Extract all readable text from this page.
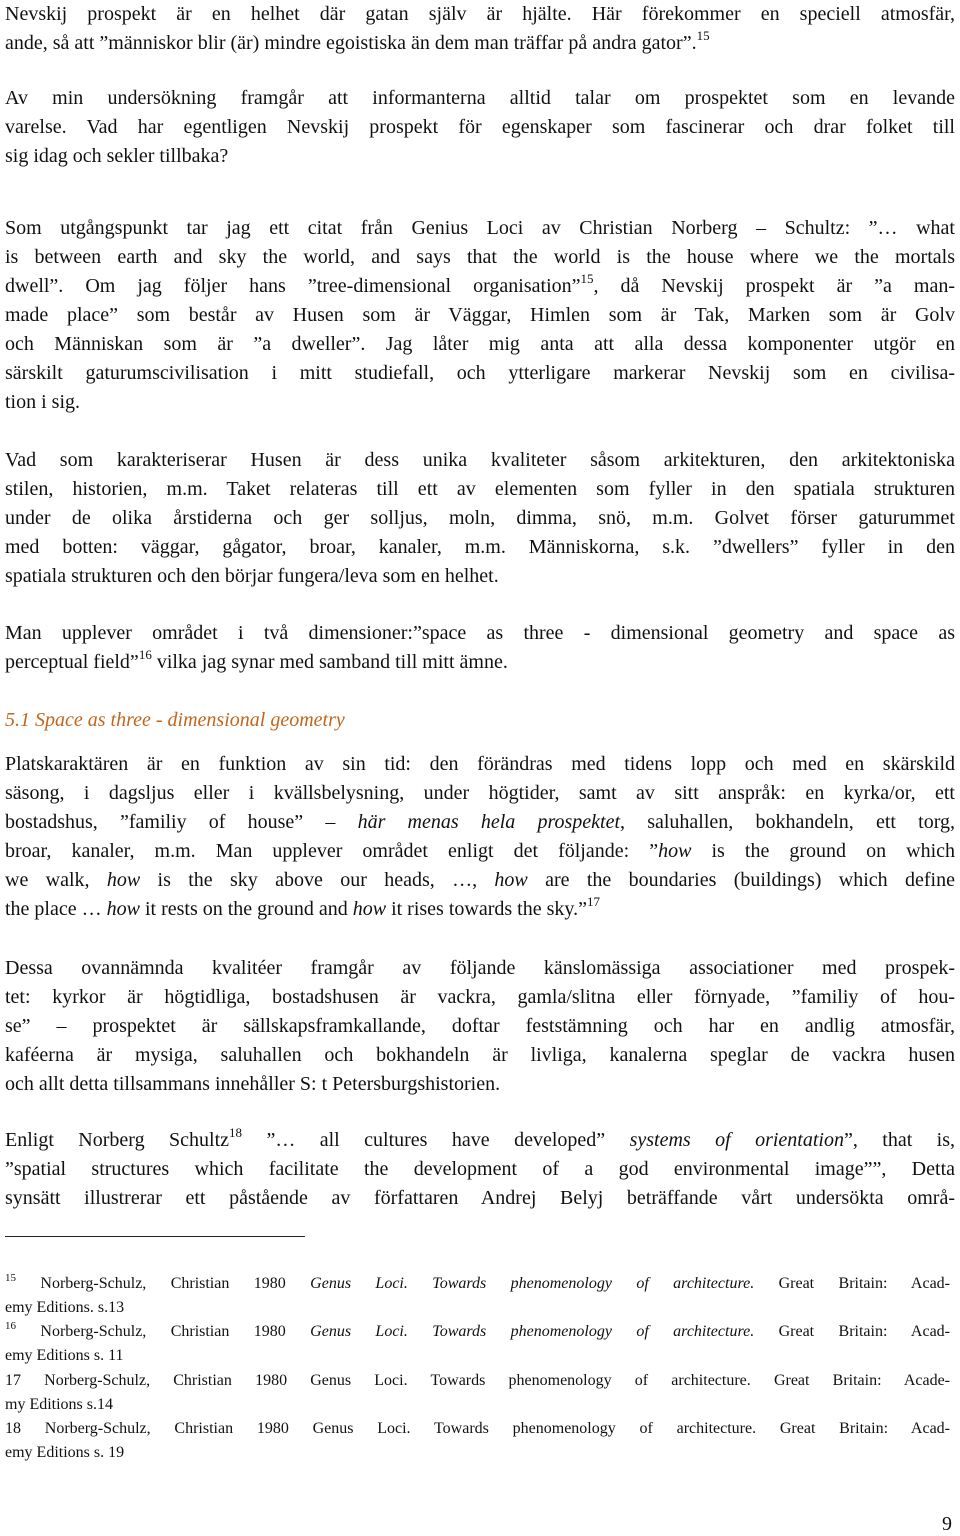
Nevskij prospekt är en helhet där gatan själv är hjälte. Här förekommer en speciell atmosfär,
ande, så att ”människor blir (är) mindre egoistiska än dem man träffar på andra gator”.$^{15}$
Av min undersökning framgår att informanterna alltid talar om prospektet som en levande
varelse. Vad har egentligen Nevskij prospekt för egenskaper som fascinerar och drar folket till
sig idag och sekler tillbaka?
Som utgångspunkt tar jag ett citat från Genius Loci av Christian Norberg – Schultz: ”… what
is between earth and sky the world, and says that the world is the house where we the mortals
dwell”. Om jag följer hans ”tree-dimensional organisation”$^{15}$, då Nevskij prospekt är ”a man-
made place” som består av Husen som är Väggar, Himlen som är Tak, Marken som är Golv
och Människan som är ”a dweller”. Jag låter mig anta att alla dessa komponenter utgör en
särskilt gaturumscivilisation i mitt studiefall, och ytterligare markerar Nevskij som en civilisa-
tion i sig.
Vad som karakteriserar Husen är dess unika kvaliteter såsom arkitekturen, den arkitektoniska
stilen, historien, m.m. Taket relateras till ett av elementen som fyller in den spatiala strukturen
under de olika årstiderna och ger solljus, moln, dimma, snö, m.m. Golvet förser gaturummet
med botten: väggar, gågator, broar, kanaler, m.m. Människorna, s.k. ”dwellers” fyller in den
spatiala strukturen och den börjar fungera/leva som en helhet.
Man upplever området i två dimensioner:”space as three - dimensional geometry and space as
perceptual field”$^{16}$ vilka jag synar med samband till mitt ämne.
5.1 Space as three - dimensional geometry
Platskaraktären är en funktion av sin tid: den förändras med tidens lopp och med en skärskild
säsong, i dagsljus eller i kvällsbelysning, under högtider, samt av sitt anspråk: en kyrka/or, ett
bostadshus, ”familiy of house” – här menas hela prospektet, saluhallen, bokhandeln, ett torg,
broar, kanaler, m.m. Man upplever området enligt det följande: ”how is the ground on which
we walk, how is the sky above our heads, …, how are the boundaries (buildings) which define
the place … how it rests on the ground and how it rises towards the sky.”$^{17}$
Dessa ovannämnda kvalitéer framgår av följande känslomässiga associationer med prospek-
tet: kyrkor är högtidliga, bostadshusen är vackra, gamla/slitna eller förnyade, ”familiy of hou-
se” – prospektet är sällskapsframkallande, doftar feststämning och har en andlig atmosfär,
kaféerna är mysiga, saluhallen och bokhandeln är livliga, kanalerna speglar de vackra husen
och allt detta tillsammans innehåller S: t Petersburgshistorien.
Enligt Norberg Schultz$^{18}$ ”… all cultures have developed” systems of orientation”, that is,
”spatial structures which facilitate the development of a god environmental image””, Detta
synsätt illustrerar ett påstående av författaren Andrej Belyj beträffande vårt undersökta områ-
$^{15}$ Norberg-Schulz, Christian 1980 Genus Loci. Towards phenomenology of architecture. Great Britain: Acad-
emy Editions. s.13
$^{16}$ Norberg-Schulz, Christian 1980 Genus Loci. Towards phenomenology of architecture. Great Britain: Acad-
emy Editions s. 11
17 Norberg-Schulz, Christian 1980 Genus Loci. Towards phenomenology of architecture. Great Britain: Acade-
my Editions s.14
18 Norberg-Schulz, Christian 1980 Genus Loci. Towards phenomenology of architecture. Great Britain: Acad-
emy Editions s. 19
9
